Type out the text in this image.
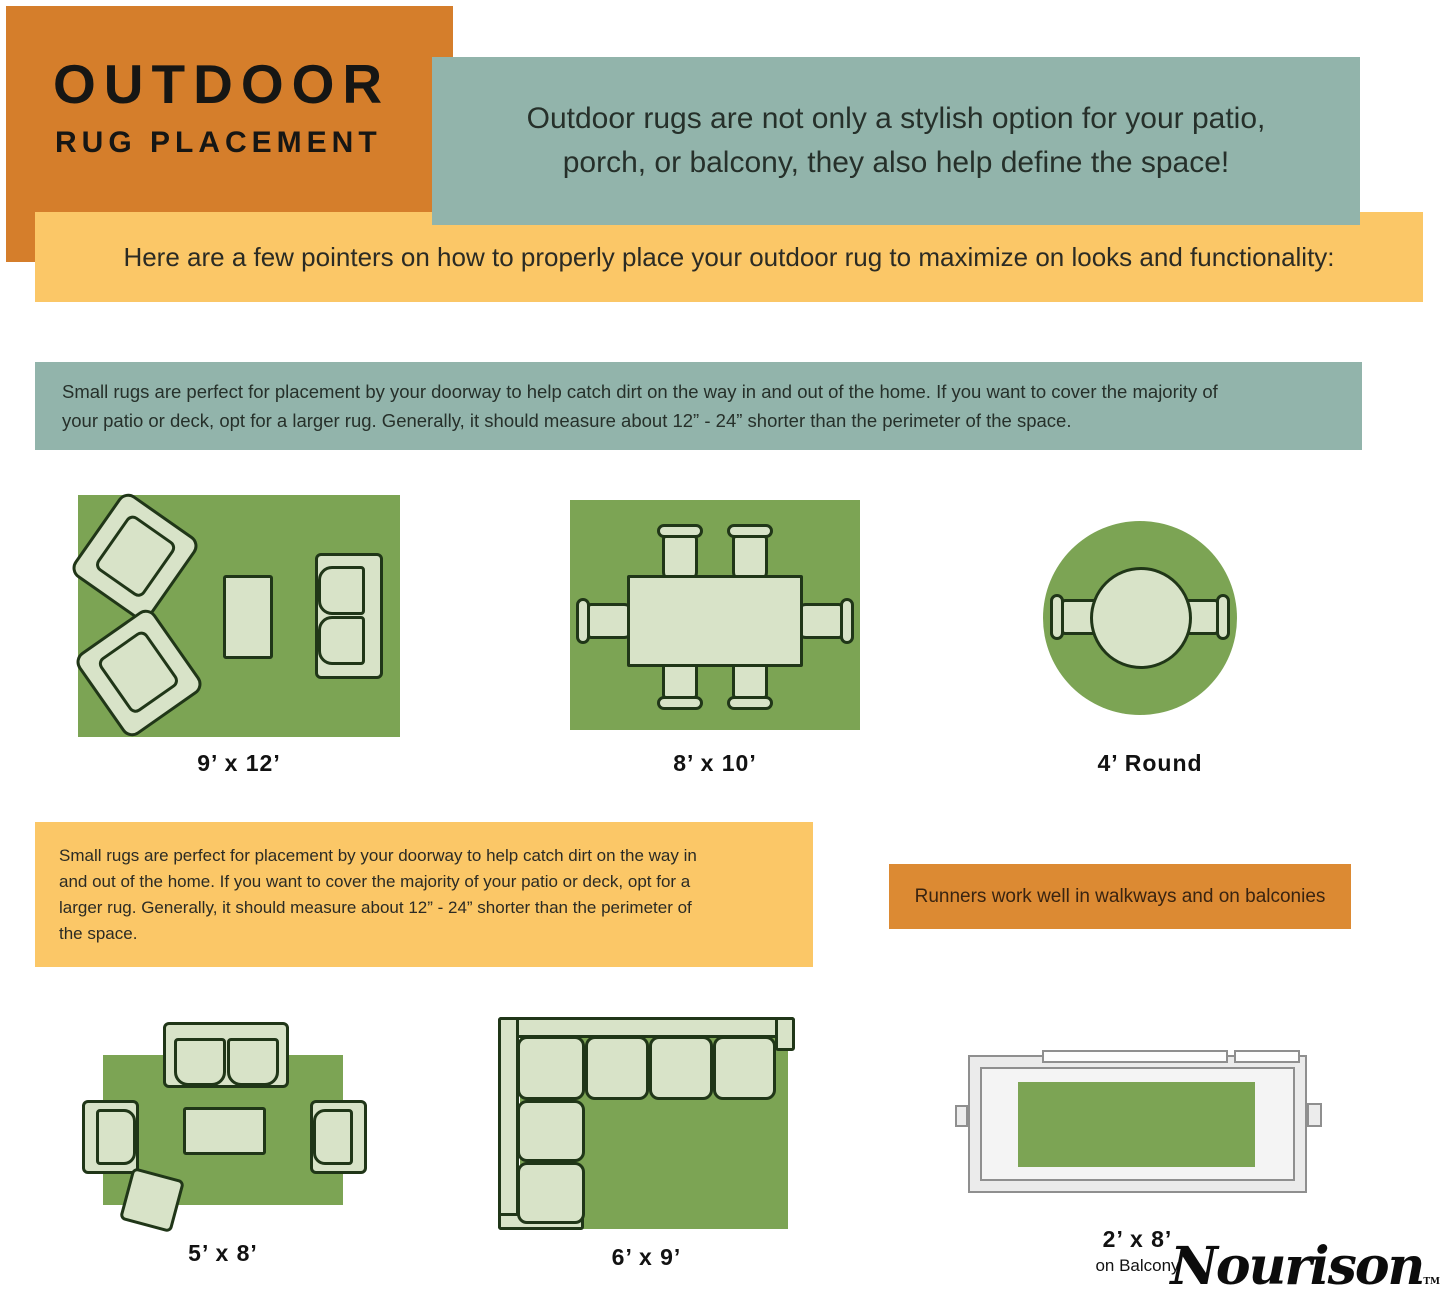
OUTDOOR
RUG PLACEMENT
Here are a few pointers on how to properly place your outdoor rug to maximize on looks and functionality:
Outdoor rugs are not only a stylish option for your patio,
porch, or balcony, they also help define the space!
Small rugs are perfect for placement by your doorway to help catch dirt on the way in and out of the home. If you want to cover the majority of
your patio or deck, opt for a larger rug. Generally, it should measure about 12” - 24” shorter than the perimeter of the space.
9’ x 12’	8’ x 10’	4’ Round
Small rugs are perfect for placement by your doorway to help catch dirt on the way in
and out of the home. If you want to cover the majority of your patio or deck, opt for a
larger rug. Generally, it should measure about 12” - 24” shorter than the perimeter of
the space.
Runners work well in walkways and on balconies
5’ x 8’	6’ x 9’
2’ x 8’
on Balcony
NourisonTM
